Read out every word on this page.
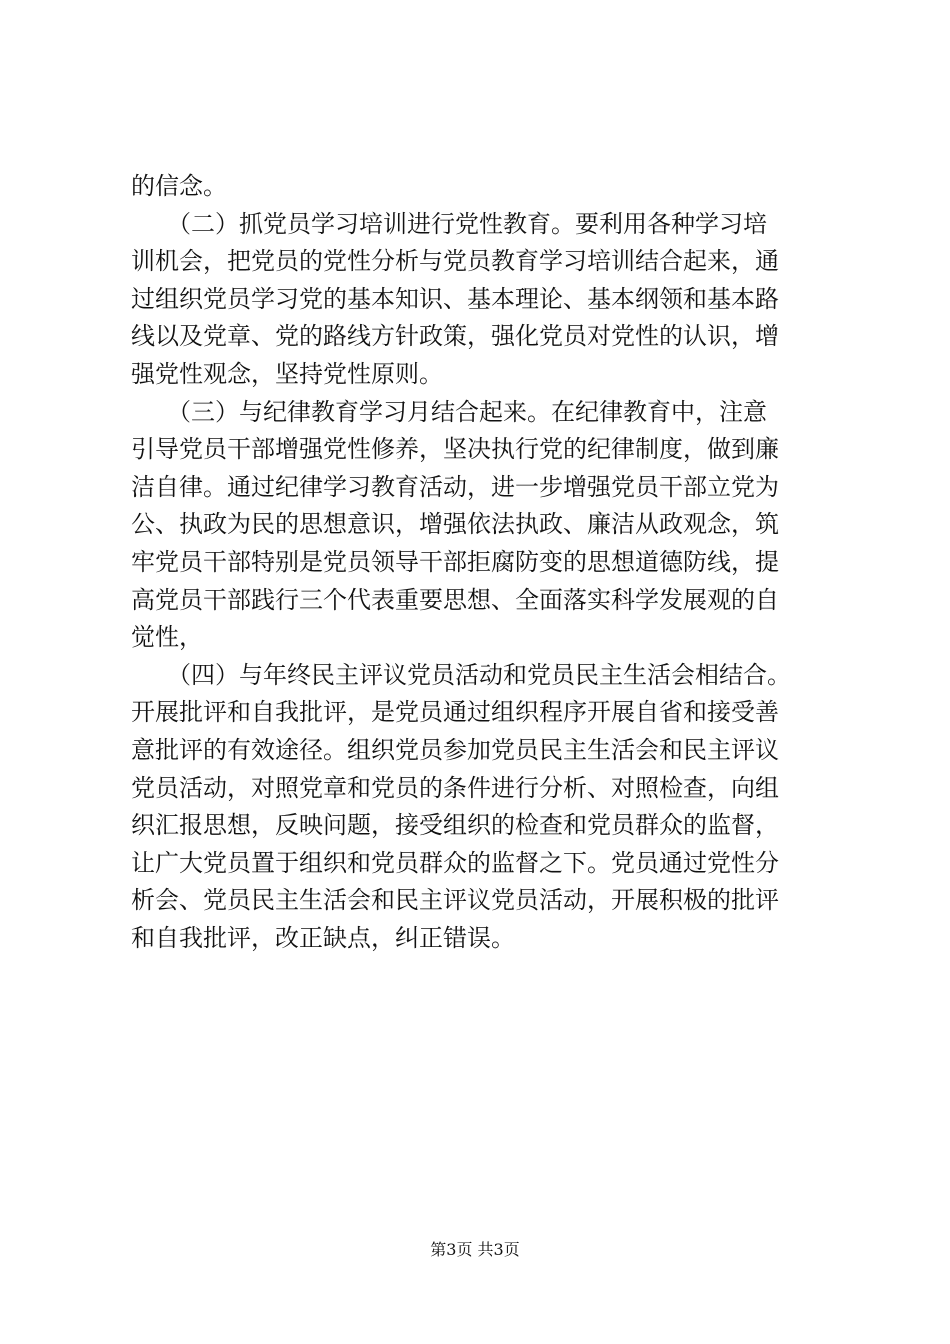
的信念。
　　（二）抓党员学习培训进行党性教育。要利用各种学习培
训机会，把党员的党性分析与党员教育学习培训结合起来，通
过组织党员学习党的基本知识、基本理论、基本纲领和基本路
线以及党章、党的路线方针政策，强化党员对党性的认识，增
强党性观念，坚持党性原则。
　　（三）与纪律教育学习月结合起来。在纪律教育中，注意
引导党员干部增强党性修养，坚决执行党的纪律制度，做到廉
洁自律。通过纪律学习教育活动，进一步增强党员干部立党为
公、执政为民的思想意识，增强依法执政、廉洁从政观念，筑
牢党员干部特别是党员领导干部拒腐防变的思想道德防线，提
高党员干部践行三个代表重要思想、全面落实科学发展观的自
觉性，
　　（四）与年终民主评议党员活动和党员民主生活会相结合。
开展批评和自我批评，是党员通过组织程序开展自省和接受善
意批评的有效途径。组织党员参加党员民主生活会和民主评议
党员活动，对照党章和党员的条件进行分析、对照检查，向组
织汇报思想，反映问题，接受组织的检查和党员群众的监督，
让广大党员置于组织和党员群众的监督之下。党员通过党性分
析会、党员民主生活会和民主评议党员活动，开展积极的批评
和自我批评，改正缺点，纠正错误。
第3页 共3页
